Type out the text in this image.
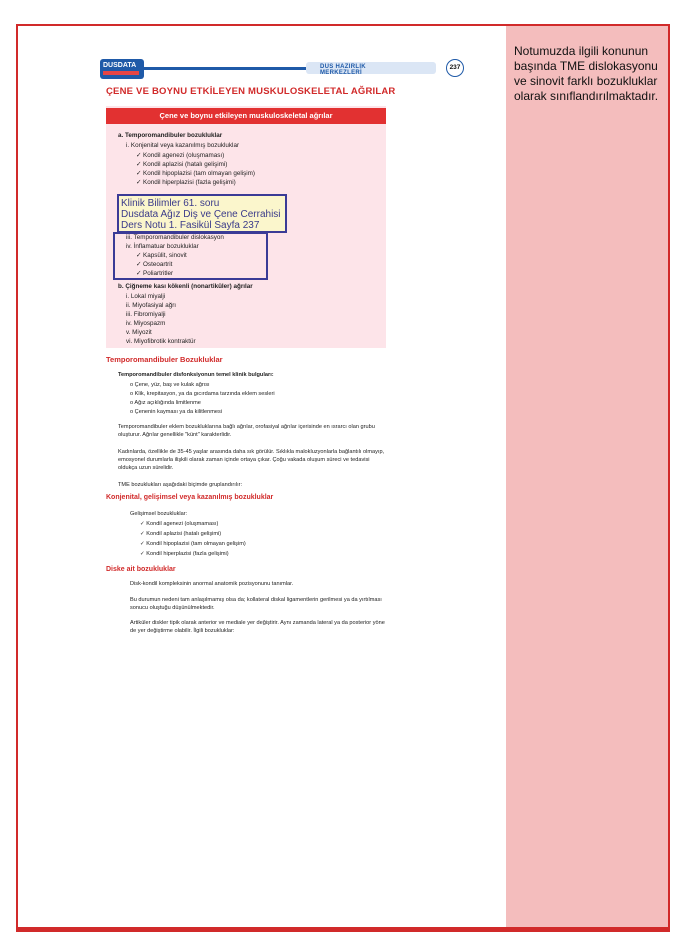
Notumuzda ilgili konunun başında TME dislokasyonu ve sinovit farklı bozukluklar olarak sınıflandırılmaktadır.
DUSDATA	DUS HAZIRLIK MERKEZLERİ
237
ÇENE VE BOYNU ETKİLEYEN MUSKULOSKELETAL AĞRILAR
Çene ve boynu etkileyen muskuloskeletal ağrılar
a. Temporomandibuler bozukluklar
i. Konjenital veya kazanılmış bozukluklar
✓ Kondil agenezi (oluşmaması)
✓ Kondil aplazisi (hatalı gelişimi)
✓ Kondil hipoplazisi (tam olmayan gelişim)
✓ Kondil hiperplazisi (fazla gelişimi)
Klinik Bilimler 61. soru
Dusdata Ağız Diş ve Çene Cerrahisi
Ders Notu 1. Fasikül Sayfa 237
iii. Temporomandibuler dislokasyon
iv. İnflamatuar bozukluklar
✓ Kapsülit, sinovit
✓ Osteoartrit
✓ Poliartritler
b. Çiğneme kası kökenli (nonartiküler) ağrılar
i. Lokal miyalji
ii. Miyofasiyal ağrı
iii. Fibromiyalji
iv. Miyospazm
v. Miyozit
vi. Miyofibrotik kontraktür
Temporomandibuler Bozukluklar
Temporomandibuler disfonksiyonun temel klinik bulguları:
o Çene, yüz, baş ve kulak ağrısı
o Klik, krepitasyon, ya da gıcırdama tarzında eklem sesleri
o Ağız açıklığında limitlenme
o Çenenin kayması ya da kilitlenmesi
Temporomandibuler eklem bozukluklarına bağlı ağrılar, orofasiyal ağrılar içerisinde en ısrarcı olan grubu oluşturur. Ağrılar genellikle "künt" karakterlidir.
Kadınlarda, özellikle de 35-45 yaşlar arasında daha sık görülür. Sıklıkla malokluzyonlarla bağlantılı olmayıp, emosyonel durumlarla ilişkili olarak zaman içinde ortaya çıkar. Çoğu vakada oluşum süreci ve tedavisi oldukça uzun sürelidir.
TME bozuklukları aşağıdaki biçimde gruplandırılır:
Konjenital, gelişimsel veya kazanılmış bozukluklar
Gelişimsel bozukluklar:
✓ Kondil agenezi (oluşmaması)
✓ Kondil aplazisi (hatalı gelişimi)
✓ Kondil hipoplazisi (tam olmayan gelişim)
✓ Kondil hiperplazisi (fazla gelişimi)
Diske ait bozukluklar
Disk-kondil kompleksinin anormal anatomik pozisyonunu tanımlar.
Bu durumun nedeni tam anlaşılmamış olsa da; kollateral diskal ligamentlerin gerilmesi ya da yırtılması sonucu oluştuğu düşünülmektedir.
Artiküler diskler tipik olarak anterior ve mediale yer değiştirir. Aynı zamanda lateral ya da posterior yöne de yer değiştirme olabilir. İlgili bozukluklar:
